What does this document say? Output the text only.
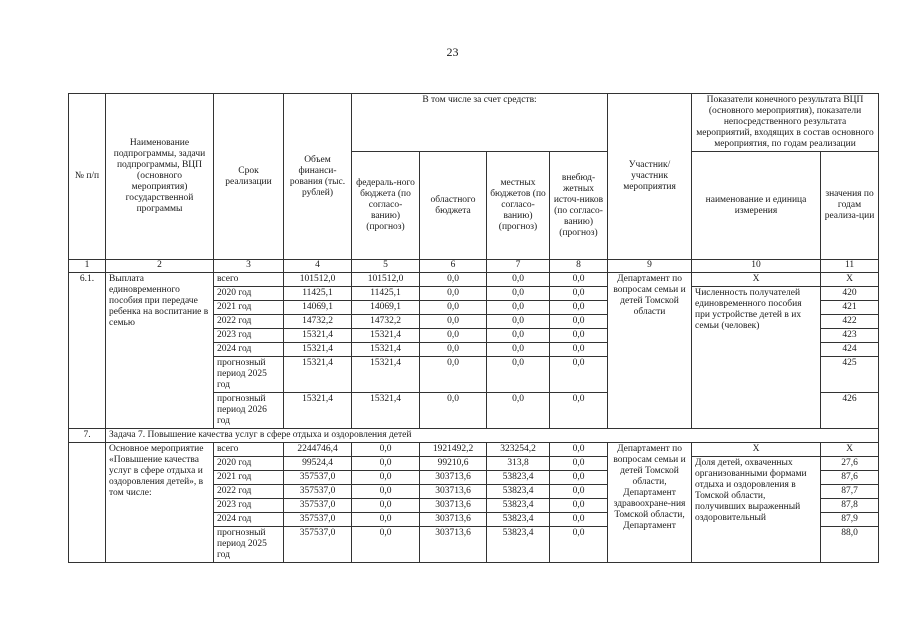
23
№ п/п	Наименование подпрограммы, задачи подпрограммы, ВЦП (основного мероприятия) государственной программы	Срок реализации	Объем финанси-рования (тыс. рублей)	В том числе за счет средств:				Участник/ участник мероприятия	Показатели конечного результата ВЦП (основного мероприятия), показатели непосредственного результата мероприятий, входящих в состав основного мероприятия, по годам реализации	
				федераль-ного бюджета (по согласо-ванию) (прогноз)	областного бюджета	местных бюджетов (по согласо-ванию) (прогноз)	внебюд-жетных источ-ников (по согласо-ванию) (прогноз)		наименование и единица измерения	значения по годам реализа-ции
1	2	3	4	5	6	7	8	9	10	11
6.1.	Выплата единовременного пособия при передаче ребенка на воспитание в семью	всего	101512,0	101512,0	0,0	0,0	0,0	Департамент по вопросам семьи и детей Томской области	Х	Х
		2020 год	11425,1	11425,1	0,0	0,0	0,0		Численность получателей единовременного пособия при устройстве детей в их семьи (человек)	420
		2021 год	14069,1	14069,1	0,0	0,0	0,0			421
		2022 год	14732,2	14732,2	0,0	0,0	0,0			422
		2023 год	15321,4	15321,4	0,0	0,0	0,0			423
		2024 год	15321,4	15321,4	0,0	0,0	0,0			424
		прогнозный период 2025 год	15321,4	15321,4	0,0	0,0	0,0			425
		прогнозный период 2026 год	15321,4	15321,4	0,0	0,0	0,0			426
7.	Задача 7. Повышение качества услуг в сфере отдыха и оздоровления детей									
	Основное мероприятие «Повышение качества услуг в сфере отдыха и оздоровления детей», в том числе:	всего	2244746,4	0,0	1921492,2	323254,2	0,0	Департамент по вопросам семьи и детей Томской области, Департамент здравоохране-ния Томской области, Департамент	Х	Х
		2020 год	99524,4	0,0	99210,6	313,8	0,0		Доля детей, охваченных организованными формами отдыха и оздоровления в Томской области, получивших выраженный оздоровительный	27,6
		2021 год	357537,0	0,0	303713,6	53823,4	0,0			87,6
		2022 год	357537,0	0,0	303713,6	53823,4	0,0			87,7
		2023 год	357537,0	0,0	303713,6	53823,4	0,0			87,8
		2024 год	357537,0	0,0	303713,6	53823,4	0,0			87,9
		прогнозный период 2025 год	357537,0	0,0	303713,6	53823,4	0,0			88,0
